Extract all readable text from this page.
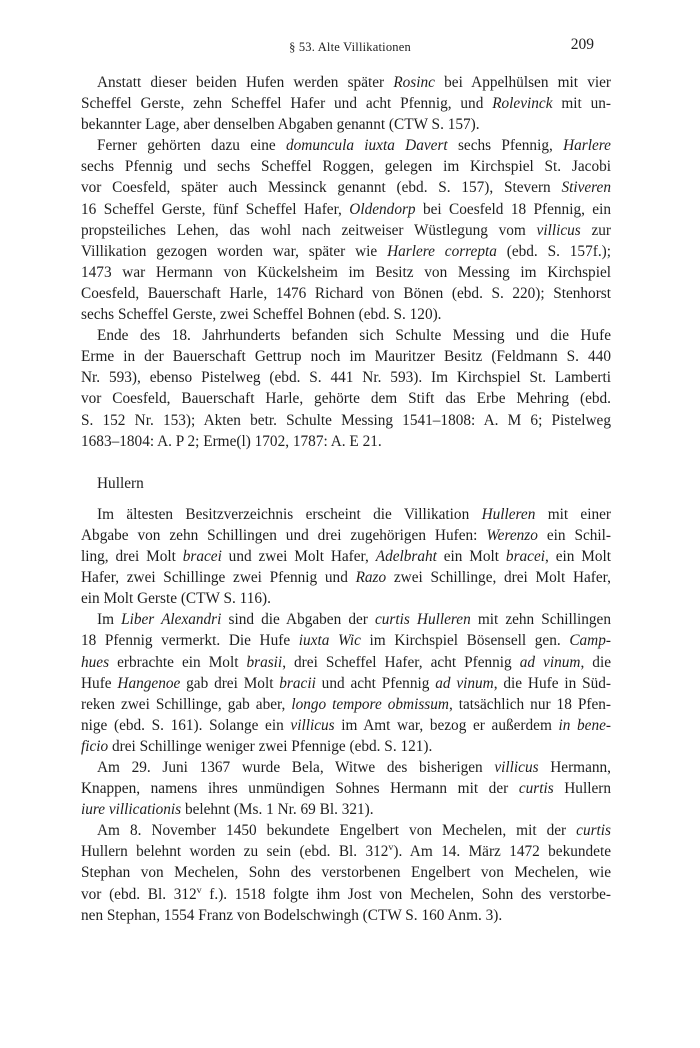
§ 53. Alte Villikationen	209
Anstatt dieser beiden Hufen werden später Rosinc bei Appelhülsen mit vier
Scheffel Gerste, zehn Scheffel Hafer und acht Pfennig, und Rolevinck mit un-
bekannter Lage, aber denselben Abgaben genannt (CTW S. 157).
Ferner gehörten dazu eine domuncula iuxta Davert sechs Pfennig, Harlere
sechs Pfennig und sechs Scheffel Roggen, gelegen im Kirchspiel St. Jacobi
vor Coesfeld, später auch Messinck genannt (ebd. S. 157), Stevern Stiveren
16 Scheffel Gerste, fünf Scheffel Hafer, Oldendorp bei Coesfeld 18 Pfennig, ein
propsteiliches Lehen, das wohl nach zeitweiser Wüstlegung vom villicus zur
Villikation gezogen worden war, später wie Harlere correpta (ebd. S. 157f.);
1473 war Hermann von Kückelsheim im Besitz von Messing im Kirchspiel
Coesfeld, Bauerschaft Harle, 1476 Richard von Bönen (ebd. S. 220); Stenhorst
sechs Scheffel Gerste, zwei Scheffel Bohnen (ebd. S. 120).
Ende des 18. Jahrhunderts befanden sich Schulte Messing und die Hufe
Erme in der Bauerschaft Gettrup noch im Mauritzer Besitz (Feldmann S. 440
Nr. 593), ebenso Pistelweg (ebd. S. 441 Nr. 593). Im Kirchspiel St. Lamberti
vor Coesfeld, Bauerschaft Harle, gehörte dem Stift das Erbe Mehring (ebd.
S. 152 Nr. 153); Akten betr. Schulte Messing 1541–1808: A. M 6; Pistelweg
1683–1804: A. P 2; Erme(l) 1702, 1787: A. E 21.
Hullern
Im ältesten Besitzverzeichnis erscheint die Villikation Hulleren mit einer
Abgabe von zehn Schillingen und drei zugehörigen Hufen: Werenzo ein Schil-
ling, drei Molt bracei und zwei Molt Hafer, Adelbraht ein Molt bracei, ein Molt
Hafer, zwei Schillinge zwei Pfennig und Razo zwei Schillinge, drei Molt Hafer,
ein Molt Gerste (CTW S. 116).
Im Liber Alexandri sind die Abgaben der curtis Hulleren mit zehn Schillingen
18 Pfennig vermerkt. Die Hufe iuxta Wic im Kirchspiel Bösensell gen. Camp-
hues erbrachte ein Molt brasii, drei Scheffel Hafer, acht Pfennig ad vinum, die
Hufe Hangenoe gab drei Molt bracii und acht Pfennig ad vinum, die Hufe in Süd-
reken zwei Schillinge, gab aber, longo tempore obmissum, tatsächlich nur 18 Pfen-
nige (ebd. S. 161). Solange ein villicus im Amt war, bezog er außerdem in bene-
ficio drei Schillinge weniger zwei Pfennige (ebd. S. 121).
Am 29. Juni 1367 wurde Bela, Witwe des bisherigen villicus Hermann,
Knappen, namens ihres unmündigen Sohnes Hermann mit der curtis Hullern
iure villicationis belehnt (Ms. 1 Nr. 69 Bl. 321).
Am 8. November 1450 bekundete Engelbert von Mechelen, mit der curtis
Hullern belehnt worden zu sein (ebd. Bl. 312$^v$). Am 14. März 1472 bekundete
Stephan von Mechelen, Sohn des verstorbenen Engelbert von Mechelen, wie
vor (ebd. Bl. 312$^v$ f.). 1518 folgte ihm Jost von Mechelen, Sohn des verstorbe-
nen Stephan, 1554 Franz von Bodelschwingh (CTW S. 160 Anm. 3).
